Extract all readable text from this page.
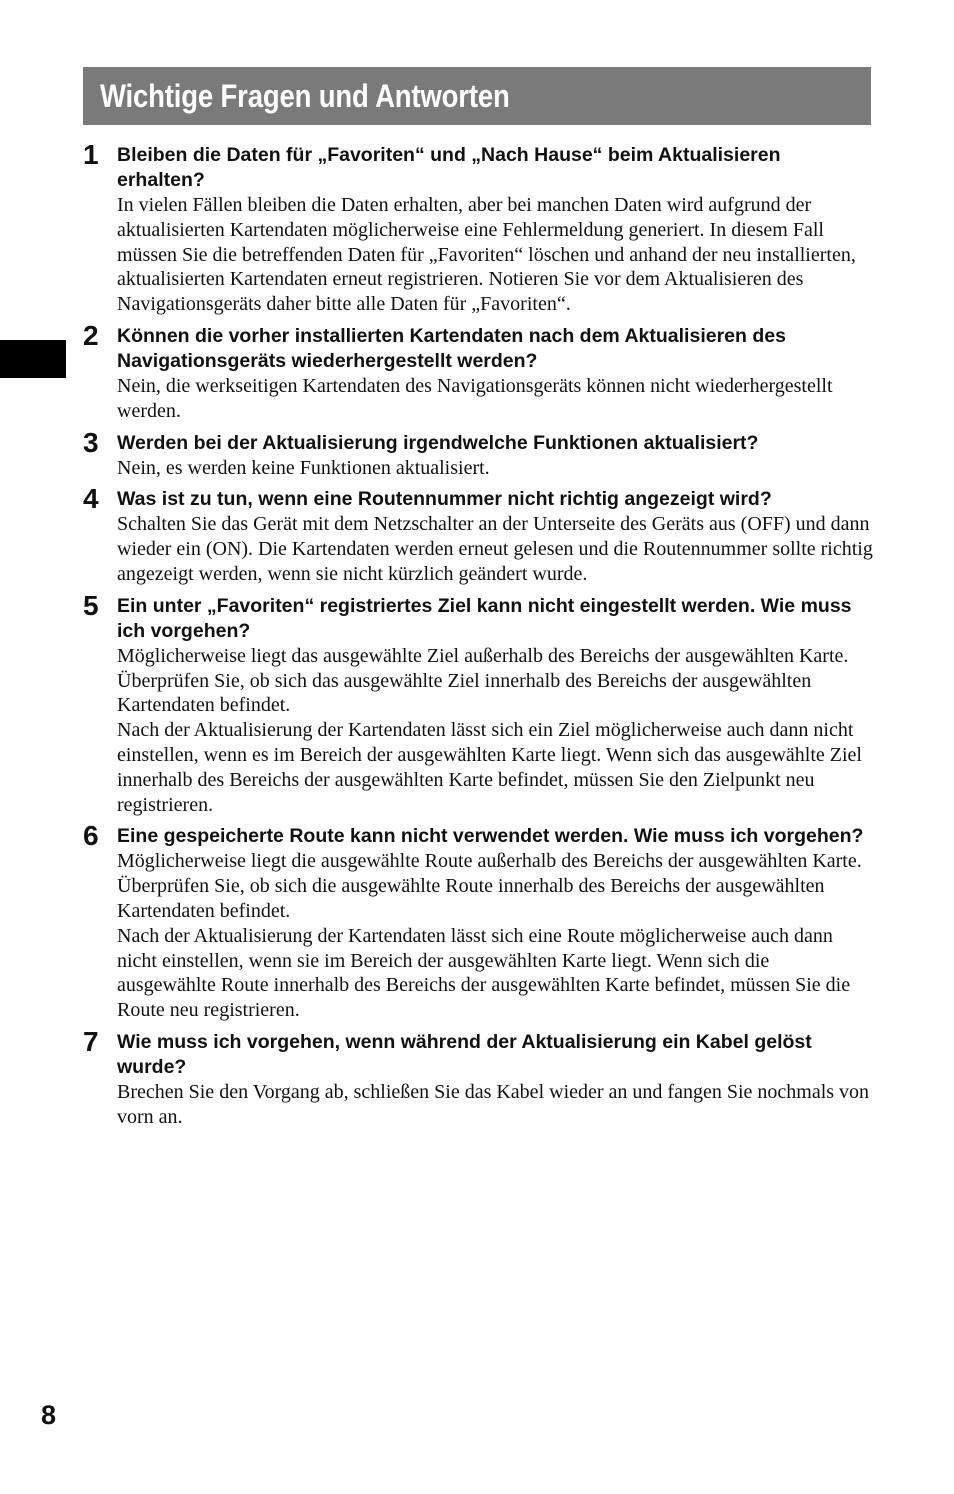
Wichtige Fragen und Antworten
1 Bleiben die Daten für „Favoriten“ und „Nach Hause“ beim Aktualisieren erhalten?
In vielen Fällen bleiben die Daten erhalten, aber bei manchen Daten wird aufgrund der aktualisierten Kartendaten möglicherweise eine Fehlermeldung generiert. In diesem Fall müssen Sie die betreffenden Daten für „Favoriten“ löschen und anhand der neu installierten, aktualisierten Kartendaten erneut registrieren. Notieren Sie vor dem Aktualisieren des Navigationsgeräts daher bitte alle Daten für „Favoriten“.
2 Können die vorher installierten Kartendaten nach dem Aktualisieren des Navigationsgeräts wiederhergestellt werden?
Nein, die werkseitigen Kartendaten des Navigationsgeräts können nicht wiederhergestellt werden.
3 Werden bei der Aktualisierung irgendwelche Funktionen aktualisiert?
Nein, es werden keine Funktionen aktualisiert.
4 Was ist zu tun, wenn eine Routennummer nicht richtig angezeigt wird?
Schalten Sie das Gerät mit dem Netzschalter an der Unterseite des Geräts aus (OFF) und dann wieder ein (ON). Die Kartendaten werden erneut gelesen und die Routennummer sollte richtig angezeigt werden, wenn sie nicht kürzlich geändert wurde.
5 Ein unter „Favoriten“ registriertes Ziel kann nicht eingestellt werden. Wie muss ich vorgehen?
Möglicherweise liegt das ausgewählte Ziel außerhalb des Bereichs der ausgewählten Karte. Überprüfen Sie, ob sich das ausgewählte Ziel innerhalb des Bereichs der ausgewählten Kartendaten befindet.
Nach der Aktualisierung der Kartendaten lässt sich ein Ziel möglicherweise auch dann nicht einstellen, wenn es im Bereich der ausgewählten Karte liegt. Wenn sich das ausgewählte Ziel innerhalb des Bereichs der ausgewählten Karte befindet, müssen Sie den Zielpunkt neu registrieren.
6 Eine gespeicherte Route kann nicht verwendet werden. Wie muss ich vorgehen?
Möglicherweise liegt die ausgewählte Route außerhalb des Bereichs der ausgewählten Karte. Überprüfen Sie, ob sich die ausgewählte Route innerhalb des Bereichs der ausgewählten Kartendaten befindet.
Nach der Aktualisierung der Kartendaten lässt sich eine Route möglicherweise auch dann nicht einstellen, wenn sie im Bereich der ausgewählten Karte liegt. Wenn sich die ausgewählte Route innerhalb des Bereichs der ausgewählten Karte befindet, müssen Sie die Route neu registrieren.
7 Wie muss ich vorgehen, wenn während der Aktualisierung ein Kabel gelöst wurde?
Brechen Sie den Vorgang ab, schließen Sie das Kabel wieder an und fangen Sie nochmals von vorn an.
8
